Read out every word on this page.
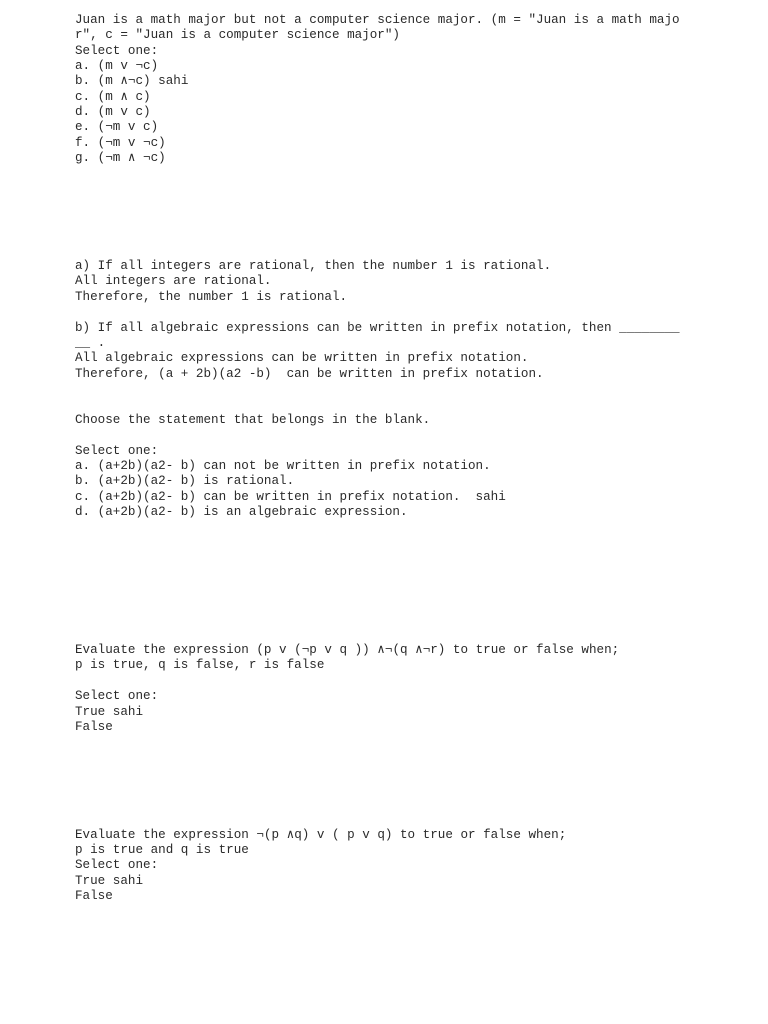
Juan is a math major but not a computer science major. (m = "Juan is a math majo
r", c = "Juan is a computer science major")
Select one:
a. (m v ¬c)
b. (m ∧¬c) sahi
c. (m ∧ c)
d. (m v c)
e. (¬m v c)
f. (¬m v ¬c)
g. (¬m ∧ ¬c)
a) If all integers are rational, then the number 1 is rational.
All integers are rational.
Therefore, the number 1 is rational.
b) If all algebraic expressions can be written in prefix notation, then ________
__ .
All algebraic expressions can be written in prefix notation.
Therefore, (a + 2b)(a2 -b)  can be written in prefix notation.
Choose the statement that belongs in the blank.
Select one:
a. (a+2b)(a2- b) can not be written in prefix notation.
b. (a+2b)(a2- b) is rational.
c. (a+2b)(a2- b) can be written in prefix notation.  sahi
d. (a+2b)(a2- b) is an algebraic expression.
Evaluate the expression (p v (¬p v q )) ∧¬(q ∧¬r) to true or false when;
p is true, q is false, r is false
Select one:
True sahi
False
Evaluate the expression ¬(p ∧q) v ( p v q) to true or false when;
p is true and q is true
Select one:
True sahi
False
